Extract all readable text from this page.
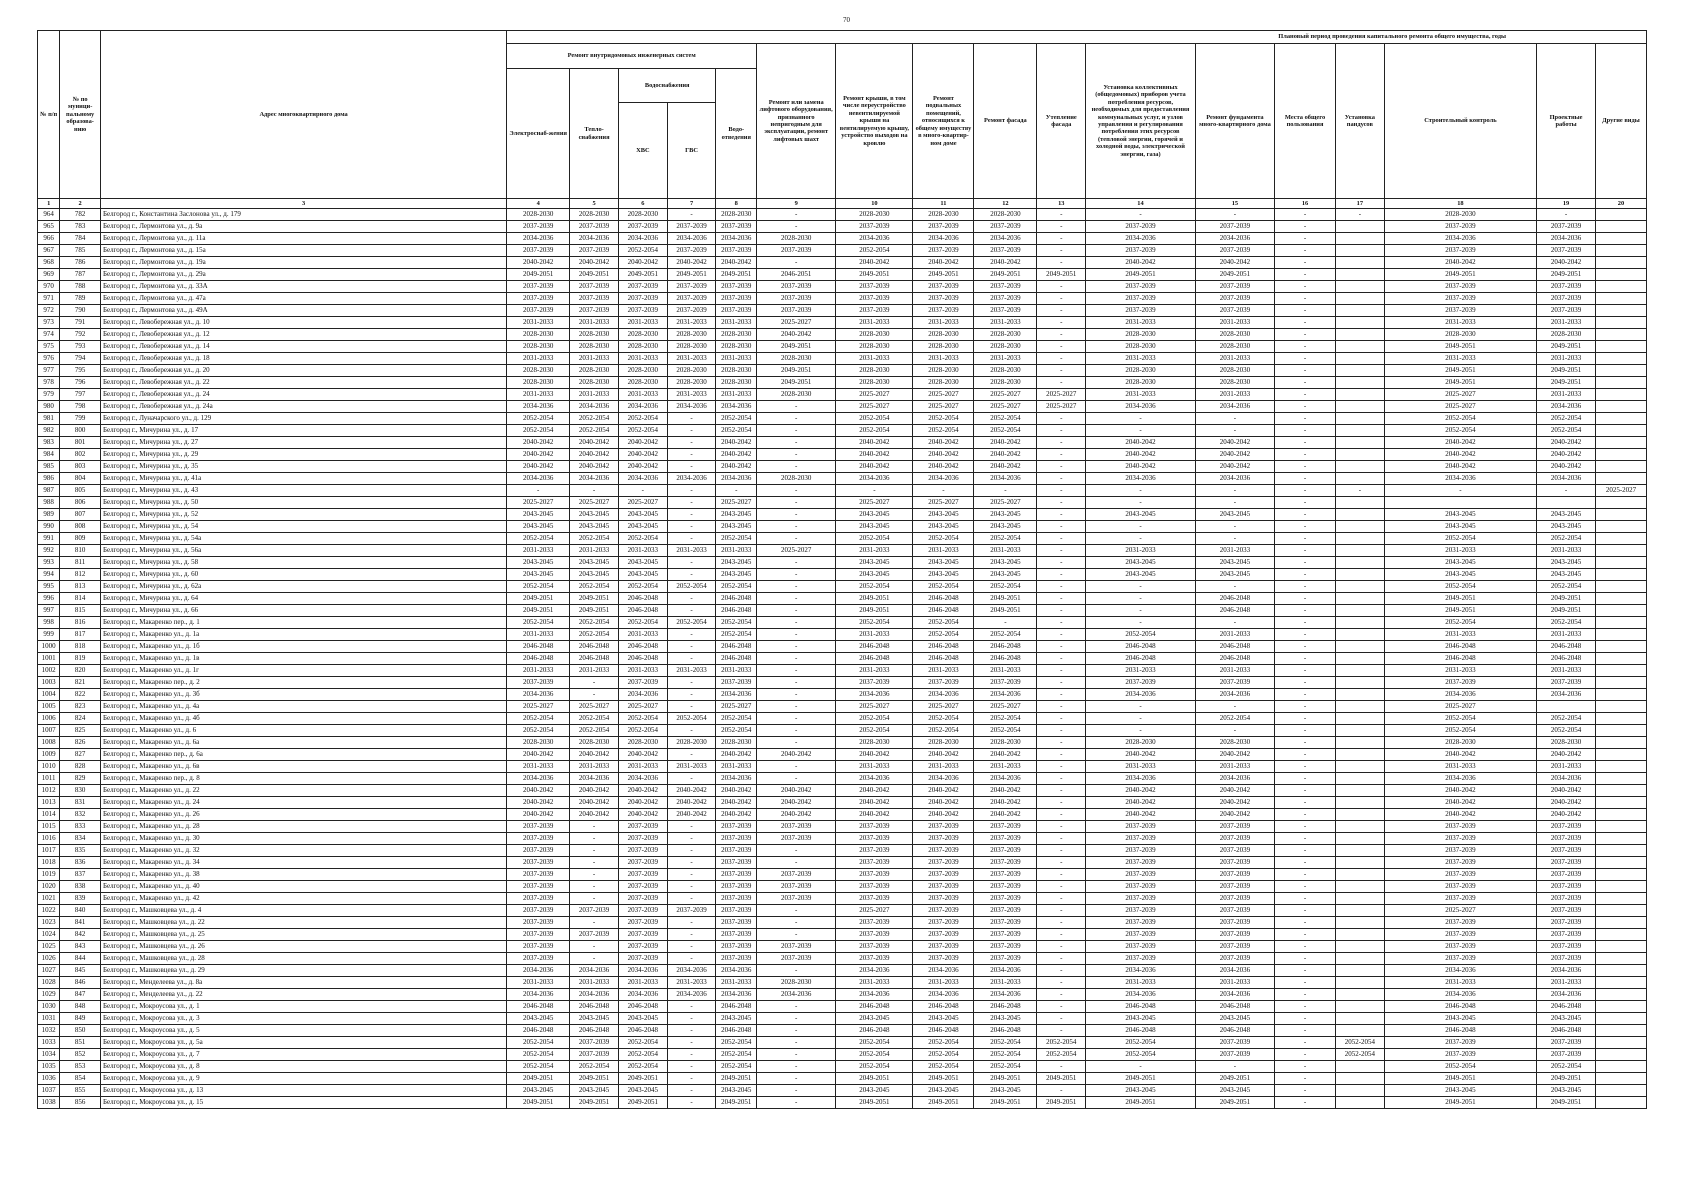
70
№ п/п	№ по муници-пальному образова-нию	Адрес многоквартирного дома	Плановый период проведения капитального ремонта общего имущества, годы																
			Ремонт внутридомовых инженерных систем					Ремонт или замена лифтового оборудования, признанного непригодным для эксплуатации, ремонт лифтовых шахт	Ремонт крыши, в том числе переустройство невентилируемой крыши на вентилируемую крышу, устройство выходов на кровлю	Ремонт подвальных помещений, относящихся к общему имуществу в много-квартир-ном доме	Ремонт фасада	Утепление фасада	Установка коллективных (общедомовых) приборов учета потребления ресурсов, необходимых для предоставления коммунальных услуг, и узлов управления и регулирования потребления этих ресурсов (тепловой энергии, горячей и холодной воды, электрической энергии, газа)	Ремонт фундамента много-квартирного дома	Места общего пользования	Установка пандусов	Строительный контроль	Проектные работы	Другие виды
			Электроснаб-жения	Тепло-снабжения	Водоснабжения		Водо-отведения												
					ХВС	ГВС													
1	2	3	4	5	6	7	8	9	10	11	12	13	14	15	16	17	18	19	20
964	782	Белгород г., Константина Заслонова ул., д. 179	2028-2030	2028-2030	2028-2030	-	2028-2030	-	2028-2030	2028-2030	2028-2030	-	-	-	-	-	2028-2030	-	
965	783	Белгород г., Лермонтова ул., д. 9а	2037-2039	2037-2039	2037-2039	2037-2039	2037-2039	-	2037-2039	2037-2039	2037-2039	-	2037-2039	2037-2039	-		2037-2039	2037-2039	
966	784	Белгород г., Лермонтова ул., д. 11а	2034-2036	2034-2036	2034-2036	2034-2036	2034-2036	2028-2030	2034-2036	2034-2036	2034-2036	-	2034-2036	2034-2036	-		2034-2036	2034-2036	
967	785	Белгород г., Лермонтова ул., д. 15а	2037-2039	2037-2039	2052-2054	2037-2039	2037-2039	2037-2039	2052-2054	2037-2039	2037-2039	-	2037-2039	2037-2039	-		2037-2039	2037-2039	
968	786	Белгород г., Лермонтова ул., д. 19а	2040-2042	2040-2042	2040-2042	2040-2042	2040-2042	-	2040-2042	2040-2042	2040-2042	-	2040-2042	2040-2042	-		2040-2042	2040-2042	
969	787	Белгород г., Лермонтова ул., д. 29а	2049-2051	2049-2051	2049-2051	2049-2051	2049-2051	2046-2051	2049-2051	2049-2051	2049-2051	2049-2051	2049-2051	2049-2051	-		2049-2051	2049-2051	
970	788	Белгород г., Лермонтова ул., д. 33А	2037-2039	2037-2039	2037-2039	2037-2039	2037-2039	2037-2039	2037-2039	2037-2039	2037-2039	-	2037-2039	2037-2039	-		2037-2039	2037-2039	
971	789	Белгород г., Лермонтова ул., д. 47а	2037-2039	2037-2039	2037-2039	2037-2039	2037-2039	2037-2039	2037-2039	2037-2039	2037-2039	-	2037-2039	2037-2039	-		2037-2039	2037-2039	
972	790	Белгород г., Лермонтова ул., д. 49А	2037-2039	2037-2039	2037-2039	2037-2039	2037-2039	2037-2039	2037-2039	2037-2039	2037-2039	-	2037-2039	2037-2039	-		2037-2039	2037-2039	
973	791	Белгород г., Левобережная ул., д. 10	2031-2033	2031-2033	2031-2033	2031-2033	2031-2033	2025-2027	2031-2033	2031-2033	2031-2033	-	2031-2033	2031-2033	-		2031-2033	2031-2033	
974	792	Белгород г., Левобережная ул., д. 12	2028-2030	2028-2030	2028-2030	2028-2030	2028-2030	2040-2042	2028-2030	2028-2030	2028-2030	-	2028-2030	2028-2030	-		2028-2030	2028-2030	
975	793	Белгород г., Левобережная ул., д. 14	2028-2030	2028-2030	2028-2030	2028-2030	2028-2030	2049-2051	2028-2030	2028-2030	2028-2030	-	2028-2030	2028-2030	-		2049-2051	2049-2051	
976	794	Белгород г., Левобережная ул., д. 18	2031-2033	2031-2033	2031-2033	2031-2033	2031-2033	2028-2030	2031-2033	2031-2033	2031-2033	-	2031-2033	2031-2033	-		2031-2033	2031-2033	
977	795	Белгород г., Левобережная ул., д. 20	2028-2030	2028-2030	2028-2030	2028-2030	2028-2030	2049-2051	2028-2030	2028-2030	2028-2030	-	2028-2030	2028-2030	-		2049-2051	2049-2051	
978	796	Белгород г., Левобережная ул., д. 22	2028-2030	2028-2030	2028-2030	2028-2030	2028-2030	2049-2051	2028-2030	2028-2030	2028-2030	-	2028-2030	2028-2030	-		2049-2051	2049-2051	
979	797	Белгород г., Левобережная ул., д. 24	2031-2033	2031-2033	2031-2033	2031-2033	2031-2033	2028-2030	2025-2027	2025-2027	2025-2027	2025-2027	2031-2033	2031-2033	-		2025-2027	2031-2033	
980	798	Белгород г., Левобережная ул., д. 24а	2034-2036	2034-2036	2034-2036	2034-2036	2034-2036	-	2025-2027	2025-2027	2025-2027	2025-2027	2034-2036	2034-2036	-		2025-2027	2034-2036	
981	799	Белгород г., Луначарского ул., д. 129	2052-2054	2052-2054	2052-2054	-	2052-2054	-	2052-2054	2052-2054	2052-2054	-	-	-	-		2052-2054	2052-2054	
982	800	Белгород г., Мичурина ул., д. 17	2052-2054	2052-2054	2052-2054	-	2052-2054	-	2052-2054	2052-2054	2052-2054	-	-	-	-		2052-2054	2052-2054	
983	801	Белгород г., Мичурина ул., д. 27	2040-2042	2040-2042	2040-2042	-	2040-2042	-	2040-2042	2040-2042	2040-2042	-	2040-2042	2040-2042	-		2040-2042	2040-2042	
984	802	Белгород г., Мичурина ул., д. 29	2040-2042	2040-2042	2040-2042	-	2040-2042	-	2040-2042	2040-2042	2040-2042	-	2040-2042	2040-2042	-		2040-2042	2040-2042	
985	803	Белгород г., Мичурина ул., д. 35	2040-2042	2040-2042	2040-2042	-	2040-2042	-	2040-2042	2040-2042	2040-2042	-	2040-2042	2040-2042	-		2040-2042	2040-2042	
986	804	Белгород г., Мичурина ул., д. 41а	2034-2036	2034-2036	2034-2036	2034-2036	2034-2036	2028-2030	2034-2036	2034-2036	2034-2036	-	2034-2036	2034-2036	-		2034-2036	2034-2036	
987	805	Белгород г., Мичурина ул., д. 43	-	-	-	-	-	-	-	-	-	-	-	-	-	-	-	-	2025-2027
988	806	Белгород г., Мичурина ул., д. 50	2025-2027	2025-2027	2025-2027	-	2025-2027	-	2025-2027	2025-2027	2025-2027	-	-	-	-				
989	807	Белгород г., Мичурина ул., д. 52	2043-2045	2043-2045	2043-2045	-	2043-2045	-	2043-2045	2043-2045	2043-2045	-	2043-2045	2043-2045	-		2043-2045	2043-2045	
990	808	Белгород г., Мичурина ул., д. 54	2043-2045	2043-2045	2043-2045	-	2043-2045	-	2043-2045	2043-2045	2043-2045	-	-	-	-		2043-2045	2043-2045	
991	809	Белгород г., Мичурина ул., д. 54а	2052-2054	2052-2054	2052-2054	-	2052-2054	-	2052-2054	2052-2054	2052-2054	-	-	-	-		2052-2054	2052-2054	
992	810	Белгород г., Мичурина ул., д. 56а	2031-2033	2031-2033	2031-2033	2031-2033	2031-2033	2025-2027	2031-2033	2031-2033	2031-2033	-	2031-2033	2031-2033	-		2031-2033	2031-2033	
993	811	Белгород г., Мичурина ул., д. 58	2043-2045	2043-2045	2043-2045	-	2043-2045	-	2043-2045	2043-2045	2043-2045	-	2043-2045	2043-2045	-		2043-2045	2043-2045	
994	812	Белгород г., Мичурина ул., д. 60	2043-2045	2043-2045	2043-2045	-	2043-2045	-	2043-2045	2043-2045	2043-2045	-	2043-2045	2043-2045	-		2043-2045	2043-2045	
995	813	Белгород г., Мичурина ул., д. 62а	2052-2054	2052-2054	2052-2054	2052-2054	2052-2054	-	2052-2054	2052-2054	2052-2054	-	-	-	-		2052-2054	2052-2054	
996	814	Белгород г., Мичурина ул., д. 64	2049-2051	2049-2051	2046-2048	-	2046-2048	-	2049-2051	2046-2048	2049-2051	-	-	2046-2048	-		2049-2051	2049-2051	
997	815	Белгород г., Мичурина ул., д. 66	2049-2051	2049-2051	2046-2048	-	2046-2048	-	2049-2051	2046-2048	2049-2051	-	-	2046-2048	-		2049-2051	2049-2051	
998	816	Белгород г., Макаренко пер., д. 1	2052-2054	2052-2054	2052-2054	2052-2054	2052-2054	-	2052-2054	2052-2054	-	-	-	-	-		2052-2054	2052-2054	
999	817	Белгород г., Макаренко ул., д. 1а	2031-2033	2052-2054	2031-2033	-	2052-2054	-	2031-2033	2052-2054	2052-2054	-	2052-2054	2031-2033	-		2031-2033	2031-2033	
1000	818	Белгород г., Макаренко ул., д. 1б	2046-2048	2046-2048	2046-2048	-	2046-2048	-	2046-2048	2046-2048	2046-2048	-	2046-2048	2046-2048	-		2046-2048	2046-2048	
1001	819	Белгород г., Макаренко ул., д. 1в	2046-2048	2046-2048	2046-2048	-	2046-2048	-	2046-2048	2046-2048	2046-2048	-	2046-2048	2046-2048	-		2046-2048	2046-2048	
1002	820	Белгород г., Макаренко ул., д. 1г	2031-2033	2031-2033	2031-2033	2031-2033	2031-2033	-	2031-2033	2031-2033	2031-2033	-	2031-2033	2031-2033	-		2031-2033	2031-2033	
1003	821	Белгород г., Макаренко пер., д. 2	2037-2039	-	2037-2039	-	2037-2039	-	2037-2039	2037-2039	2037-2039	-	2037-2039	2037-2039	-		2037-2039	2037-2039	
1004	822	Белгород г., Макаренко ул., д. 3б	2034-2036	-	2034-2036	-	2034-2036	-	2034-2036	2034-2036	2034-2036	-	2034-2036	2034-2036	-		2034-2036	2034-2036	
1005	823	Белгород г., Макаренко ул., д. 4а	2025-2027	2025-2027	2025-2027	-	2025-2027	-	2025-2027	2025-2027	2025-2027	-	-	-	-		2025-2027		
1006	824	Белгород г., Макаренко ул., д. 4б	2052-2054	2052-2054	2052-2054	2052-2054	2052-2054	-	2052-2054	2052-2054	2052-2054	-	-	2052-2054	-		2052-2054	2052-2054	
1007	825	Белгород г., Макаренко ул., д. 6	2052-2054	2052-2054	2052-2054	-	2052-2054	-	2052-2054	2052-2054	2052-2054	-	-	-	-		2052-2054	2052-2054	
1008	826	Белгород г., Макаренко ул., д. 6а	2028-2030	2028-2030	2028-2030	2028-2030	2028-2030	-	2028-2030	2028-2030	2028-2030	-	2028-2030	2028-2030	-		2028-2030	2028-2030	
1009	827	Белгород г., Макаренко пер., д. 6а	2040-2042	2040-2042	2040-2042	-	2040-2042	2040-2042	2040-2042	2040-2042	2040-2042	-	2040-2042	2040-2042	-		2040-2042	2040-2042	
1010	828	Белгород г., Макаренко ул., д. 6в	2031-2033	2031-2033	2031-2033	2031-2033	2031-2033	-	2031-2033	2031-2033	2031-2033	-	2031-2033	2031-2033	-		2031-2033	2031-2033	
1011	829	Белгород г., Макаренко пер., д. 8	2034-2036	2034-2036	2034-2036	-	2034-2036	-	2034-2036	2034-2036	2034-2036	-	2034-2036	2034-2036	-		2034-2036	2034-2036	
1012	830	Белгород г., Макаренко ул., д. 22	2040-2042	2040-2042	2040-2042	2040-2042	2040-2042	2040-2042	2040-2042	2040-2042	2040-2042	-	2040-2042	2040-2042	-		2040-2042	2040-2042	
1013	831	Белгород г., Макаренко ул., д. 24	2040-2042	2040-2042	2040-2042	2040-2042	2040-2042	2040-2042	2040-2042	2040-2042	2040-2042	-	2040-2042	2040-2042	-		2040-2042	2040-2042	
1014	832	Белгород г., Макаренко ул., д. 26	2040-2042	2040-2042	2040-2042	2040-2042	2040-2042	2040-2042	2040-2042	2040-2042	2040-2042	-	2040-2042	2040-2042	-		2040-2042	2040-2042	
1015	833	Белгород г., Макаренко ул., д. 28	2037-2039	-	2037-2039	-	2037-2039	2037-2039	2037-2039	2037-2039	2037-2039	-	2037-2039	2037-2039	-		2037-2039	2037-2039	
1016	834	Белгород г., Макаренко ул., д. 30	2037-2039	-	2037-2039	-	2037-2039	2037-2039	2037-2039	2037-2039	2037-2039	-	2037-2039	2037-2039	-		2037-2039	2037-2039	
1017	835	Белгород г., Макаренко ул., д. 32	2037-2039	-	2037-2039	-	2037-2039	-	2037-2039	2037-2039	2037-2039	-	2037-2039	2037-2039	-		2037-2039	2037-2039	
1018	836	Белгород г., Макаренко ул., д. 34	2037-2039	-	2037-2039	-	2037-2039	-	2037-2039	2037-2039	2037-2039	-	2037-2039	2037-2039	-		2037-2039	2037-2039	
1019	837	Белгород г., Макаренко ул., д. 38	2037-2039	-	2037-2039	-	2037-2039	2037-2039	2037-2039	2037-2039	2037-2039	-	2037-2039	2037-2039	-		2037-2039	2037-2039	
1020	838	Белгород г., Макаренко ул., д. 40	2037-2039	-	2037-2039	-	2037-2039	2037-2039	2037-2039	2037-2039	2037-2039	-	2037-2039	2037-2039	-		2037-2039	2037-2039	
1021	839	Белгород г., Макаренко ул., д. 42	2037-2039	-	2037-2039	-	2037-2039	2037-2039	2037-2039	2037-2039	2037-2039	-	2037-2039	2037-2039	-		2037-2039	2037-2039	
1022	840	Белгород г., Машковцева ул., д. 4	2037-2039	2037-2039	2037-2039	2037-2039	2037-2039	-	2025-2027	2037-2039	2037-2039	-	2037-2039	2037-2039	-		2025-2027	2037-2039	
1023	841	Белгород г., Машковцева ул., д. 22	2037-2039	-	2037-2039	-	2037-2039	-	2037-2039	2037-2039	2037-2039	-	2037-2039	2037-2039	-		2037-2039	2037-2039	
1024	842	Белгород г., Машковцева ул., д. 25	2037-2039	2037-2039	2037-2039	-	2037-2039	-	2037-2039	2037-2039	2037-2039	-	2037-2039	2037-2039	-		2037-2039	2037-2039	
1025	843	Белгород г., Машковцева ул., д. 26	2037-2039	-	2037-2039	-	2037-2039	2037-2039	2037-2039	2037-2039	2037-2039	-	2037-2039	2037-2039	-		2037-2039	2037-2039	
1026	844	Белгород г., Машковцева ул., д. 28	2037-2039	-	2037-2039	-	2037-2039	2037-2039	2037-2039	2037-2039	2037-2039	-	2037-2039	2037-2039	-		2037-2039	2037-2039	
1027	845	Белгород г., Машковцева ул., д. 29	2034-2036	2034-2036	2034-2036	2034-2036	2034-2036	-	2034-2036	2034-2036	2034-2036	-	2034-2036	2034-2036	-		2034-2036	2034-2036	
1028	846	Белгород г., Менделеева ул., д. 8а	2031-2033	2031-2033	2031-2033	2031-2033	2031-2033	2028-2030	2031-2033	2031-2033	2031-2033	-	2031-2033	2031-2033	-		2031-2033	2031-2033	
1029	847	Белгород г., Менделеева ул., д. 22	2034-2036	2034-2036	2034-2036	2034-2036	2034-2036	2034-2036	2034-2036	2034-2036	2034-2036	-	2034-2036	2034-2036	-		2034-2036	2034-2036	
1030	848	Белгород г., Мокроусова ул., д. 1	2046-2048	2046-2048	2046-2048	-	2046-2048	-	2046-2048	2046-2048	2046-2048	-	2046-2048	2046-2048	-		2046-2048	2046-2048	
1031	849	Белгород г., Мокроусова ул., д. 3	2043-2045	2043-2045	2043-2045	-	2043-2045	-	2043-2045	2043-2045	2043-2045	-	2043-2045	2043-2045	-		2043-2045	2043-2045	
1032	850	Белгород г., Мокроусова ул., д. 5	2046-2048	2046-2048	2046-2048	-	2046-2048	-	2046-2048	2046-2048	2046-2048	-	2046-2048	2046-2048	-		2046-2048	2046-2048	
1033	851	Белгород г., Мокроусова ул., д. 5а	2052-2054	2037-2039	2052-2054	-	2052-2054	-	2052-2054	2052-2054	2052-2054	2052-2054	2052-2054	2037-2039	-	2052-2054	2037-2039	2037-2039	
1034	852	Белгород г., Мокроусова ул., д. 7	2052-2054	2037-2039	2052-2054	-	2052-2054	-	2052-2054	2052-2054	2052-2054	2052-2054	2052-2054	2037-2039	-	2052-2054	2037-2039	2037-2039	
1035	853	Белгород г., Мокроусова ул., д. 8	2052-2054	2052-2054	2052-2054	-	2052-2054	-	2052-2054	2052-2054	2052-2054	-	-	-	-		2052-2054	2052-2054	
1036	854	Белгород г., Мокроусова ул., д. 9	2049-2051	2049-2051	2049-2051	-	2049-2051	-	2049-2051	2049-2051	2049-2051	2049-2051	2049-2051	2049-2051	-		2049-2051	2049-2051	
1037	855	Белгород г., Мокроусова ул., д. 13	2043-2045	2043-2045	2043-2045	-	2043-2045	-	2043-2045	2043-2045	2043-2045	-	2043-2045	2043-2045	-		2043-2045	2043-2045	
1038	856	Белгород г., Мокроусова ул., д. 15	2049-2051	2049-2051	2049-2051	-	2049-2051	-	2049-2051	2049-2051	2049-2051	2049-2051	2049-2051	2049-2051	-		2049-2051	2049-2051	
